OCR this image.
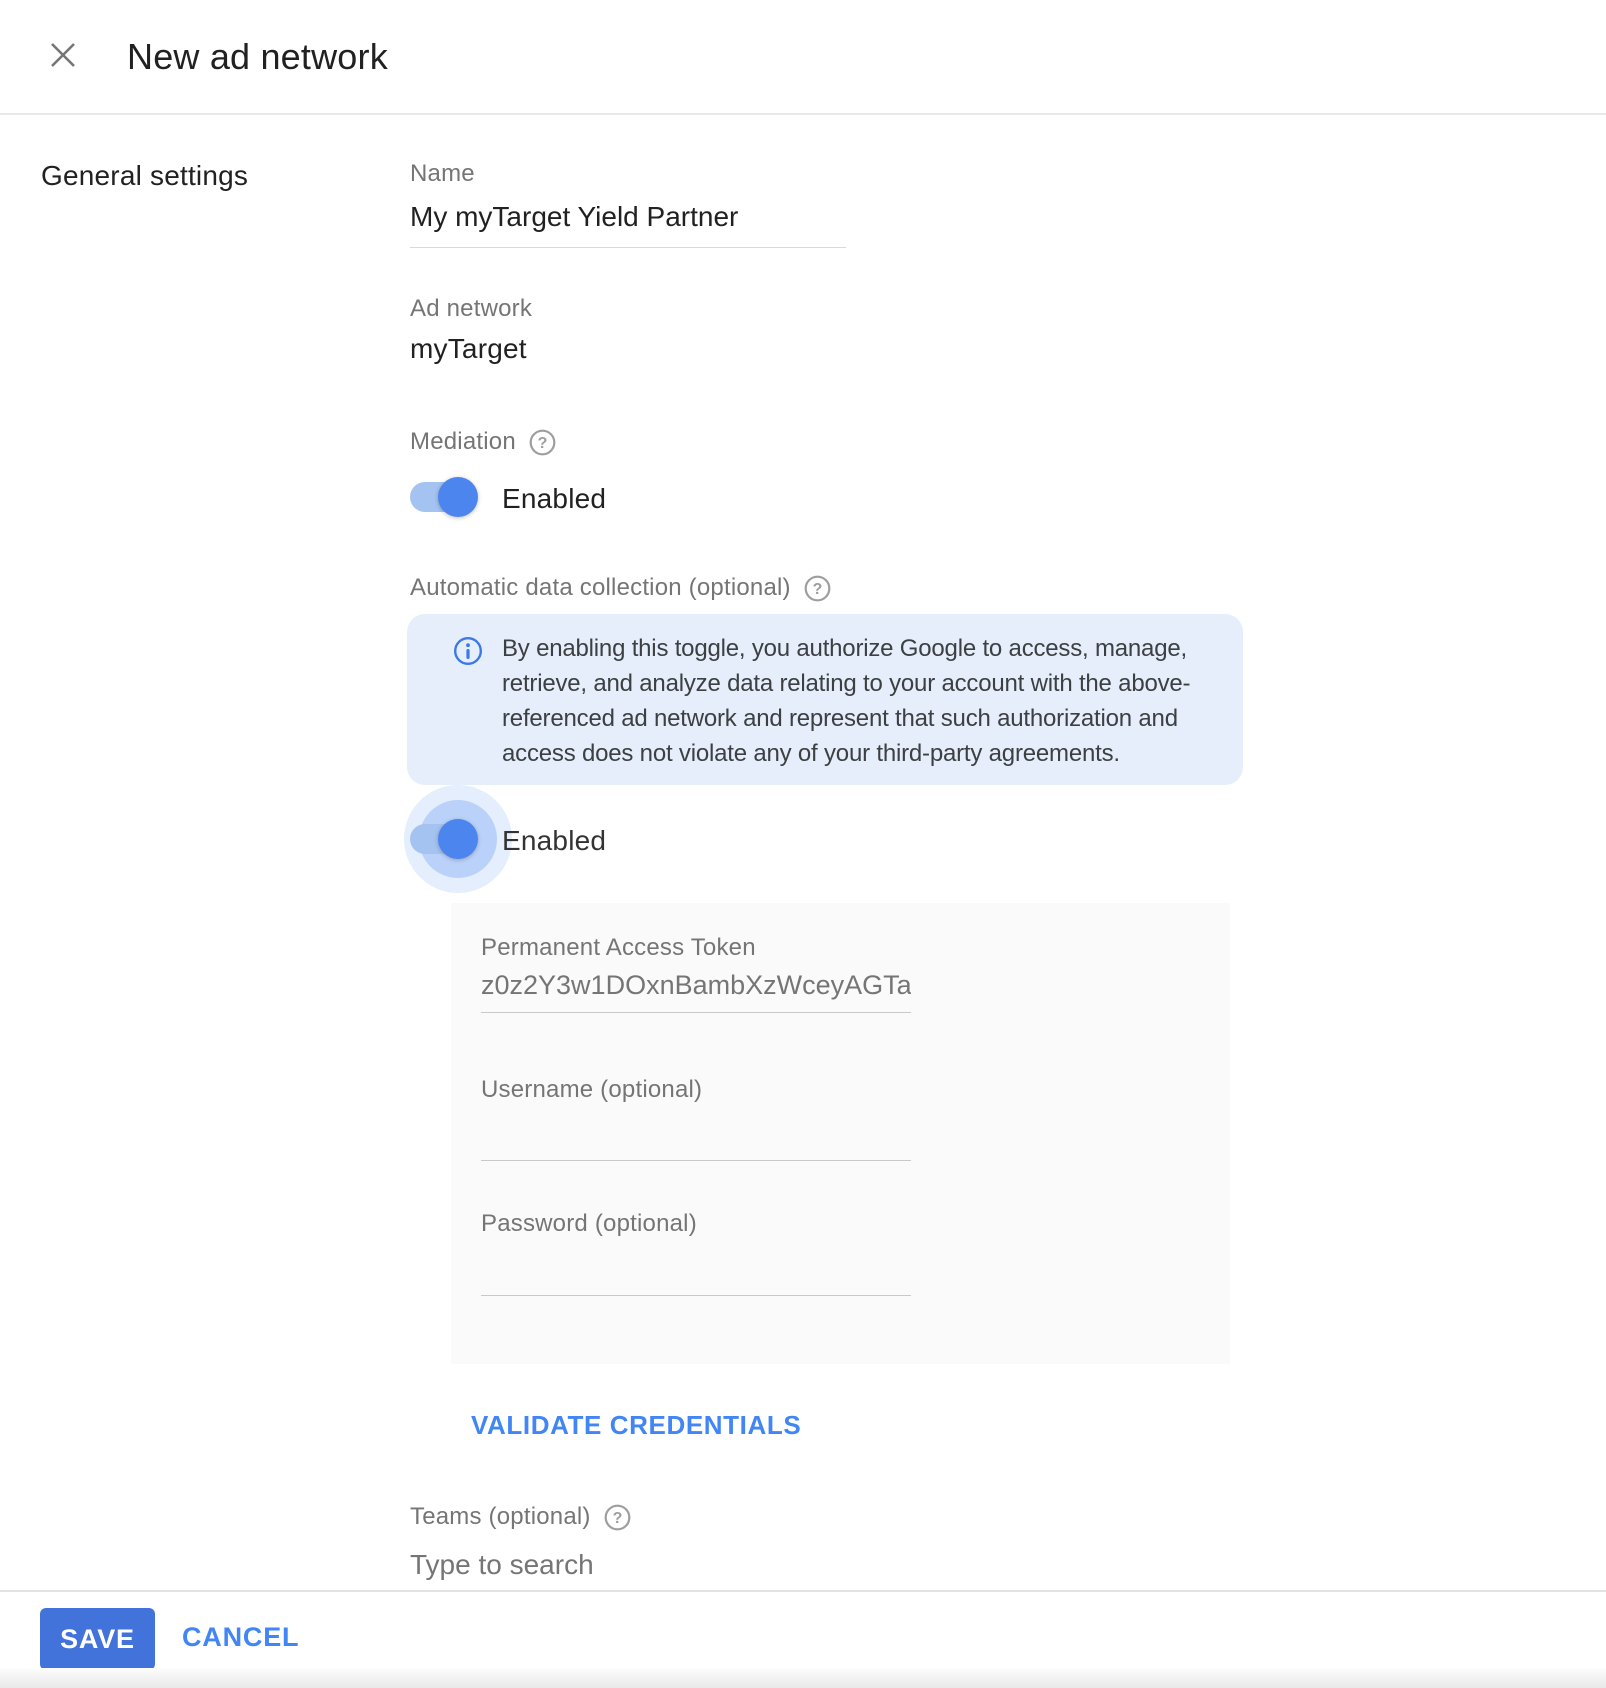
New ad network
General settings	Name
My myTarget Yield Partner
Ad network
myTarget
Mediation ?
Enabled
Automatic data collection (optional) ?
By enabling this toggle, you authorize Google to access, manage,
retrieve, and analyze data relating to your account with the above-
referenced ad network and represent that such authorization and
access does not violate any of your third-party agreements.
Enabled
Permanent Access Token
z0z2Y3w1DOxnBambXzWceyAGTaiHbk…
Username (optional)
Password (optional)
VALIDATE CREDENTIALS
Teams (optional) ?
Type to search
SAVE	CANCEL
